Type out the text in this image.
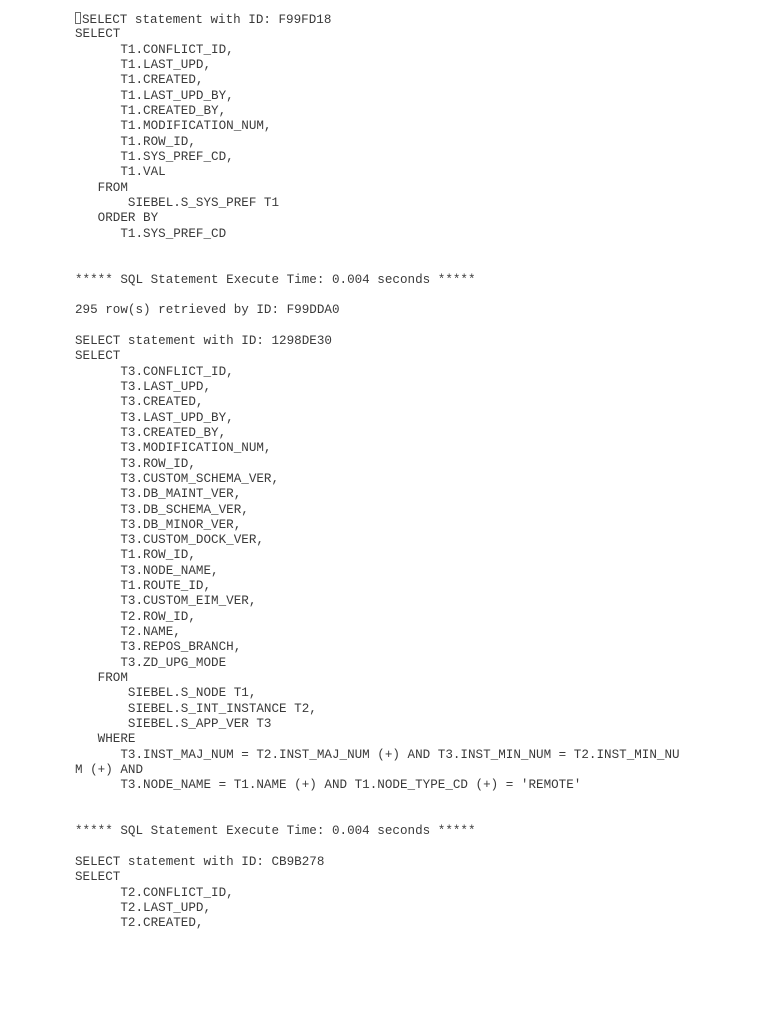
SELECT statement with ID: F99FD18
SELECT
T1.CONFLICT_ID,
T1.LAST_UPD,
T1.CREATED,
T1.LAST_UPD_BY,
T1.CREATED_BY,
T1.MODIFICATION_NUM,
T1.ROW_ID,
T1.SYS_PREF_CD,
T1.VAL
FROM
SIEBEL.S_SYS_PREF T1
ORDER BY
T1.SYS_PREF_CD
***** SQL Statement Execute Time: 0.004 seconds *****
295 row(s) retrieved by ID: F99DDA0
SELECT statement with ID: 1298DE30
SELECT
T3.CONFLICT_ID,
T3.LAST_UPD,
T3.CREATED,
T3.LAST_UPD_BY,
T3.CREATED_BY,
T3.MODIFICATION_NUM,
T3.ROW_ID,
T3.CUSTOM_SCHEMA_VER,
T3.DB_MAINT_VER,
T3.DB_SCHEMA_VER,
T3.DB_MINOR_VER,
T3.CUSTOM_DOCK_VER,
T1.ROW_ID,
T3.NODE_NAME,
T1.ROUTE_ID,
T3.CUSTOM_EIM_VER,
T2.ROW_ID,
T2.NAME,
T3.REPOS_BRANCH,
T3.ZD_UPG_MODE
FROM
SIEBEL.S_NODE T1,
SIEBEL.S_INT_INSTANCE T2,
SIEBEL.S_APP_VER T3
WHERE
T3.INST_MAJ_NUM = T2.INST_MAJ_NUM (+) AND T3.INST_MIN_NUM = T2.INST_MIN_NU
M (+) AND
T3.NODE_NAME = T1.NAME (+) AND T1.NODE_TYPE_CD (+) = 'REMOTE'
***** SQL Statement Execute Time: 0.004 seconds *****
SELECT statement with ID: CB9B278
SELECT
T2.CONFLICT_ID,
T2.LAST_UPD,
T2.CREATED,
